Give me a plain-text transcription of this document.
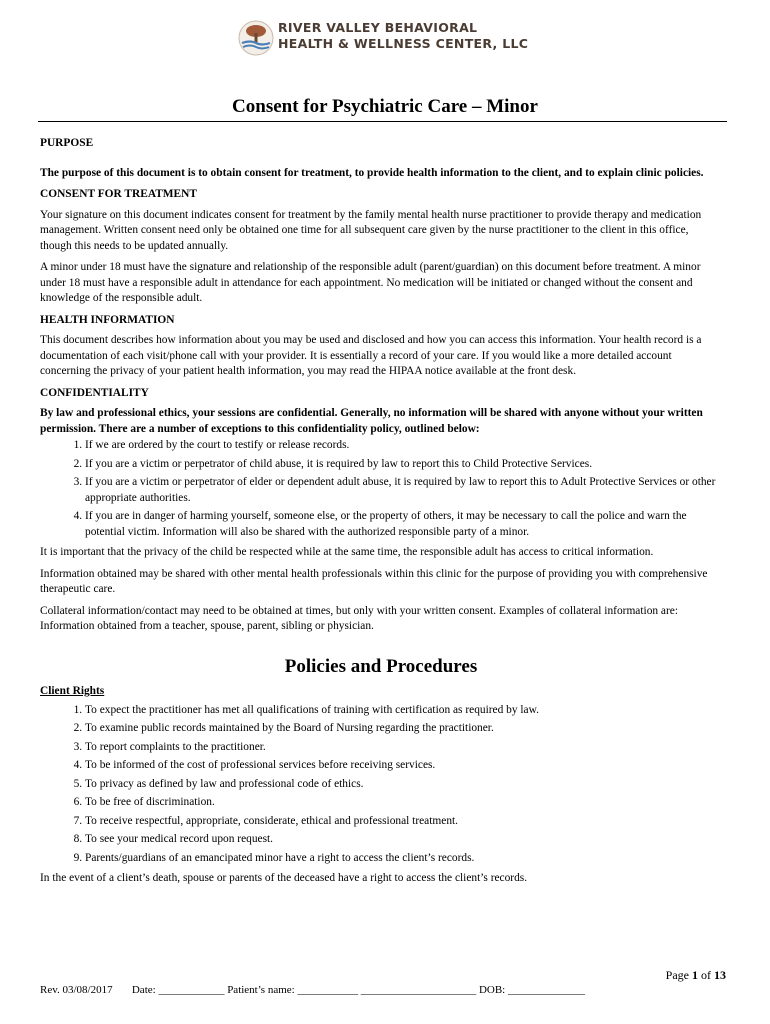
RIVER VALLEY BEHAVIORAL
HEALTH & WELLNESS CENTER, LLC
Consent for Psychiatric Care – Minor
PURPOSE

The purpose of this document is to obtain consent for treatment, to provide health information to the client, and to explain clinic policies.

CONSENT FOR TREATMENT

Your signature on this document indicates consent for treatment by the family mental health nurse practitioner to provide therapy and medication management. Written consent need only be obtained one time for all subsequent care given by the nurse practitioner to the client in this office, though this needs to be updated annually.

A minor under 18 must have the signature and relationship of the responsible adult (parent/guardian) on this document before treatment. A minor under 18 must have a responsible adult in attendance for each appointment. No medication will be initiated or changed without the consent and knowledge of the responsible adult.

HEALTH INFORMATION

This document describes how information about you may be used and disclosed and how you can access this information. Your health record is a documentation of each visit/phone call with your provider. It is essentially a record of your care. If you would like a more detailed account concerning the privacy of your patient health information, you may read the HIPAA notice available at the front desk.

CONFIDENTIALITY

By law and professional ethics, your sessions are confidential. Generally, no information will be shared with anyone without your written permission. There are a number of exceptions to this confidentiality policy, outlined below:

1. If we are ordered by the court to testify or release records.
2. If you are a victim or perpetrator of child abuse, it is required by law to report this to Child Protective Services.
3. If you are a victim or perpetrator of elder or dependent adult abuse, it is required by law to report this to Adult Protective Services or other appropriate authorities.
4. If you are in danger of harming yourself, someone else, or the property of others, it may be necessary to call the police and warn the potential victim. Information will also be shared with the authorized responsible party of a minor.

It is important that the privacy of the child be respected while at the same time, the responsible adult has access to critical information.

Information obtained may be shared with other mental health professionals within this clinic for the purpose of providing you with comprehensive therapeutic care.

Collateral information/contact may need to be obtained at times, but only with your written consent. Examples of collateral information are: Information obtained from a teacher, spouse, parent, sibling or physician.

Policies and Procedures
Client Rights
1. To expect the practitioner has met all qualifications of training with certification as required by law.
2. To examine public records maintained by the Board of Nursing regarding the practitioner.
3. To report complaints to the practitioner.
4. To be informed of the cost of professional services before receiving services.
5. To privacy as defined by law and professional code of ethics.
6. To be free of discrimination.
7. To receive respectful, appropriate, considerate, ethical and professional treatment.
8. To see your medical record upon request.
9. Parents/guardians of an emancipated minor have a right to access the client’s records.

In the event of a client’s death, spouse or parents of the deceased have a right to access the client’s records.

Page 1 of 13
Rev. 03/08/2017       Date: ____________ Patient’s name: ___________ _____________________ DOB: ______________
